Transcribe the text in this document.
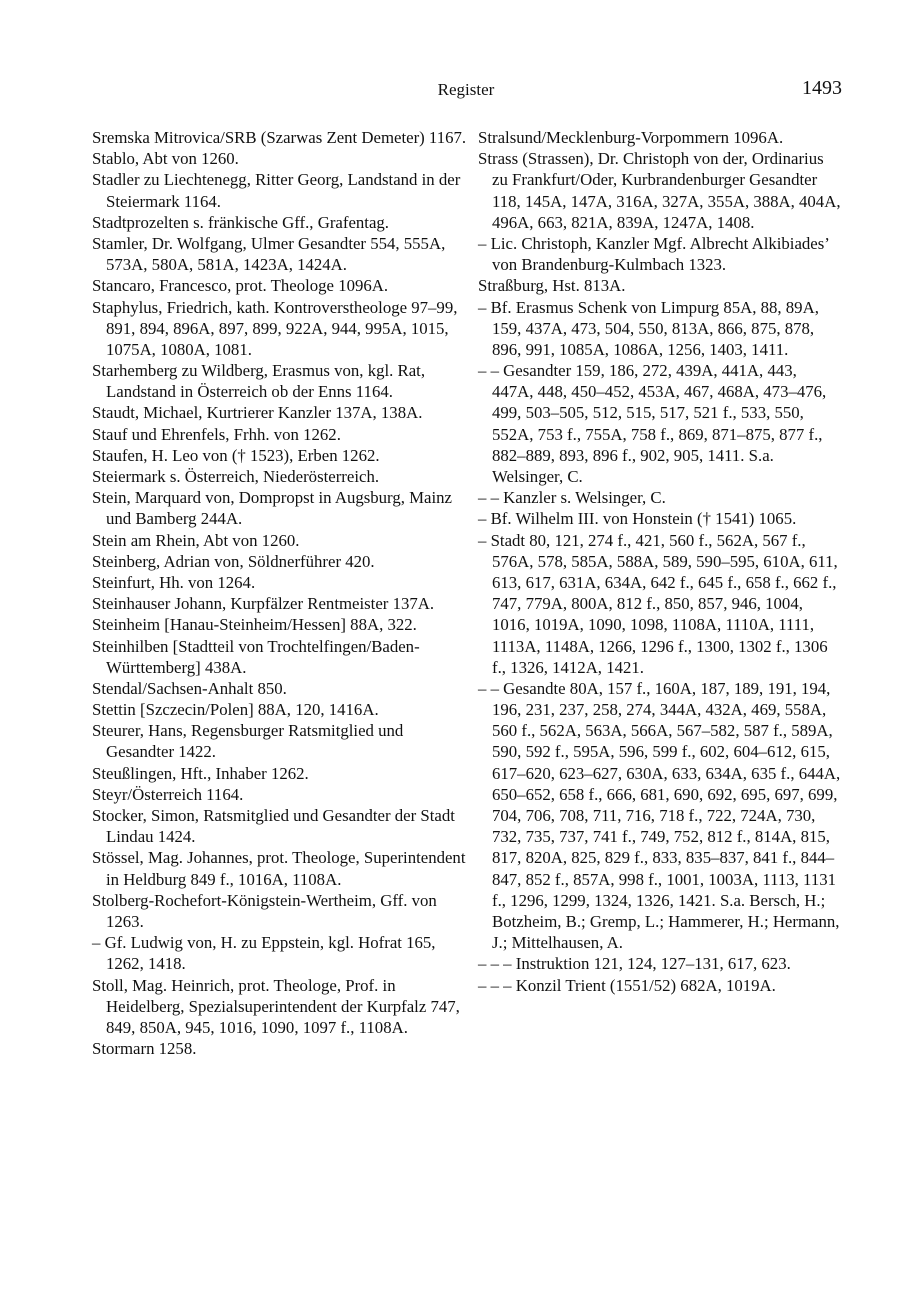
Register	1493
Sremska Mitrovica/SRB (Szarwas Zent Demeter) 1167.
Stablo, Abt von 1260.
Stadler zu Liechtenegg, Ritter Georg, Landstand in der Steiermark 1164.
Stadtprozelten s. fränkische Gff., Grafentag.
Stamler, Dr. Wolfgang, Ulmer Gesandter 554, 555A, 573A, 580A, 581A, 1423A, 1424A.
Stancaro, Francesco, prot. Theologe 1096A.
Staphylus, Friedrich, kath. Kontroverstheologe 97–99, 891, 894, 896A, 897, 899, 922A, 944, 995A, 1015, 1075A, 1080A, 1081.
Starhemberg zu Wildberg, Erasmus von, kgl. Rat, Landstand in Österreich ob der Enns 1164.
Staudt, Michael, Kurtrierer Kanzler 137A, 138A.
Stauf und Ehrenfels, Frhh. von 1262.
Staufen, H. Leo von († 1523), Erben 1262.
Steiermark s. Österreich, Niederösterreich.
Stein, Marquard von, Dompropst in Augsburg, Mainz und Bamberg 244A.
Stein am Rhein, Abt von 1260.
Steinberg, Adrian von, Söldnerführer 420.
Steinfurt, Hh. von 1264.
Steinhauser Johann, Kurpfälzer Rentmeister 137A.
Steinheim [Hanau-Steinheim/Hessen] 88A, 322.
Steinhilben [Stadtteil von Trochtelfingen/Baden-Württemberg] 438A.
Stendal/Sachsen-Anhalt 850.
Stettin [Szczecin/Polen] 88A, 120, 1416A.
Steurer, Hans, Regensburger Ratsmitglied und Gesandter 1422.
Steußlingen, Hft., Inhaber 1262.
Steyr/Österreich 1164.
Stocker, Simon, Ratsmitglied und Gesandter der Stadt Lindau 1424.
Stössel, Mag. Johannes, prot. Theologe, Superintendent in Heldburg 849 f., 1016A, 1108A.
Stolberg-Rochefort-Königstein-Wertheim, Gff. von 1263.
– Gf. Ludwig von, H. zu Eppstein, kgl. Hofrat 165, 1262, 1418.
Stoll, Mag. Heinrich, prot. Theologe, Prof. in Heidelberg, Spezialsuperintendent der Kurpfalz 747, 849, 850A, 945, 1016, 1090, 1097 f., 1108A.
Stormarn 1258.
Stralsund/Mecklenburg-Vorpommern 1096A.
Strass (Strassen), Dr. Christoph von der, Ordinarius zu Frankfurt/Oder, Kurbrandenburger Gesandter 118, 145A, 147A, 316A, 327A, 355A, 388A, 404A, 496A, 663, 821A, 839A, 1247A, 1408.
– Lic. Christoph, Kanzler Mgf. Albrecht Alkibiades’ von Brandenburg-Kulmbach 1323.
Straßburg, Hst. 813A.
– Bf. Erasmus Schenk von Limpurg 85A, 88, 89A, 159, 437A, 473, 504, 550, 813A, 866, 875, 878, 896, 991, 1085A, 1086A, 1256, 1403, 1411.
– – Gesandter 159, 186, 272, 439A, 441A, 443, 447A, 448, 450–452, 453A, 467, 468A, 473–476, 499, 503–505, 512, 515, 517, 521 f., 533, 550, 552A, 753 f., 755A, 758 f., 869, 871–875, 877 f., 882–889, 893, 896 f., 902, 905, 1411. S.a. Welsinger, C.
– – Kanzler s. Welsinger, C.
– Bf. Wilhelm III. von Honstein († 1541) 1065.
– Stadt 80, 121, 274 f., 421, 560 f., 562A, 567 f., 576A, 578, 585A, 588A, 589, 590–595, 610A, 611, 613, 617, 631A, 634A, 642 f., 645 f., 658 f., 662 f., 747, 779A, 800A, 812 f., 850, 857, 946, 1004, 1016, 1019A, 1090, 1098, 1108A, 1110A, 1111, 1113A, 1148A, 1266, 1296 f., 1300, 1302 f., 1306 f., 1326, 1412A, 1421.
– – Gesandte 80A, 157 f., 160A, 187, 189, 191, 194, 196, 231, 237, 258, 274, 344A, 432A, 469, 558A, 560 f., 562A, 563A, 566A, 567–582, 587 f., 589A, 590, 592 f., 595A, 596, 599 f., 602, 604–612, 615, 617–620, 623–627, 630A, 633, 634A, 635 f., 644A, 650–652, 658 f., 666, 681, 690, 692, 695, 697, 699, 704, 706, 708, 711, 716, 718 f., 722, 724A, 730, 732, 735, 737, 741 f., 749, 752, 812 f., 814A, 815, 817, 820A, 825, 829 f., 833, 835–837, 841 f., 844–847, 852 f., 857A, 998 f., 1001, 1003A, 1113, 1131 f., 1296, 1299, 1324, 1326, 1421. S.a. Bersch, H.; Botzheim, B.; Gremp, L.; Hammerer, H.; Hermann, J.; Mittelhausen, A.
– – – Instruktion 121, 124, 127–131, 617, 623.
– – – Konzil Trient (1551/52) 682A, 1019A.
